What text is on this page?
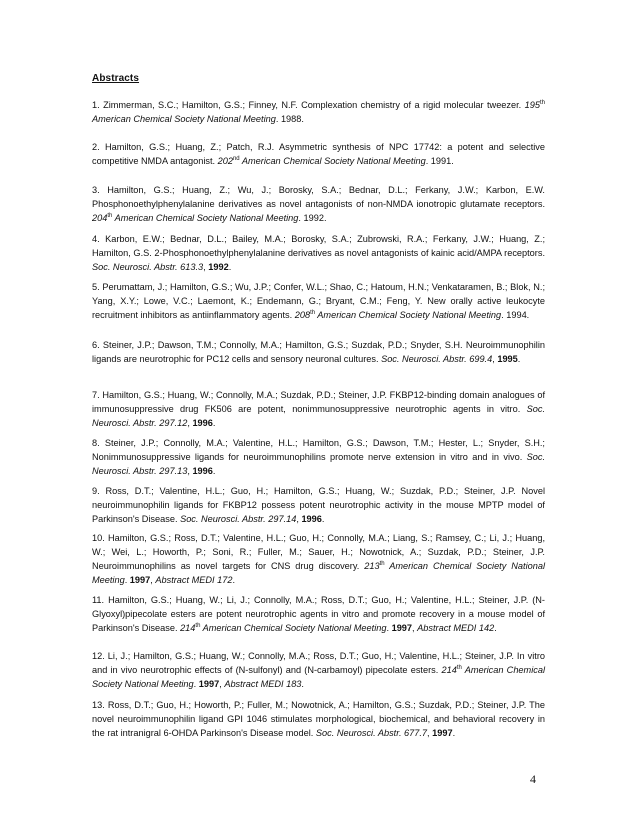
Abstracts
1. Zimmerman, S.C.; Hamilton, G.S.; Finney, N.F. Complexation chemistry of a rigid molecular tweezer. 195th American Chemical Society National Meeting. 1988.
2. Hamilton, G.S.; Huang, Z.; Patch, R.J. Asymmetric synthesis of NPC 17742: a potent and selective competitive NMDA antagonist. 202nd American Chemical Society National Meeting. 1991.
3. Hamilton, G.S.; Huang, Z.; Wu, J.; Borosky, S.A.; Bednar, D.L.; Ferkany, J.W.; Karbon, E.W. Phosphonoethylphenylalanine derivatives as novel antagonists of non-NMDA ionotropic glutamate receptors. 204th American Chemical Society National Meeting. 1992.
4. Karbon, E.W.; Bednar, D.L.; Bailey, M.A.; Borosky, S.A.; Zubrowski, R.A.; Ferkany, J.W.; Huang, Z.; Hamilton, G.S. 2-Phosphonoethylphenylalanine derivatives as novel antagonists of kainic acid/AMPA receptors. Soc. Neurosci. Abstr. 613.3, 1992.
5. Perumattam, J.; Hamilton, G.S.; Wu, J.P.; Confer, W.L.; Shao, C.; Hatoum, H.N.; Venkataramen, B.; Blok, N.; Yang, X.Y.; Lowe, V.C.; Laemont, K.; Endemann, G.; Bryant, C.M.; Feng, Y. New orally active leukocyte recruitment inhibitors as antiinflammatory agents. 208th American Chemical Society National Meeting. 1994.
6. Steiner, J.P.; Dawson, T.M.; Connolly, M.A.; Hamilton, G.S.; Suzdak, P.D.; Snyder, S.H. Neuroimmunophilin ligands are neurotrophic for PC12 cells and sensory neuronal cultures. Soc. Neurosci. Abstr. 699.4, 1995.
7. Hamilton, G.S.; Huang, W.; Connolly, M.A.; Suzdak, P.D.; Steiner, J.P. FKBP12-binding domain analogues of immunosuppressive drug FK506 are potent, nonimmunosuppressive neurotrophic agents in vitro. Soc. Neurosci. Abstr. 297.12, 1996.
8. Steiner, J.P.; Connolly, M.A.; Valentine, H.L.; Hamilton, G.S.; Dawson, T.M.; Hester, L.; Snyder, S.H.; Nonimmunosuppressive ligands for neuroimmunophilins promote nerve extension in vitro and in vivo. Soc. Neurosci. Abstr. 297.13, 1996.
9. Ross, D.T.; Valentine, H.L.; Guo, H.; Hamilton, G.S.; Huang, W.; Suzdak, P.D.; Steiner, J.P. Novel neuroimmunophilin ligands for FKBP12 possess potent neurotrophic activity in the mouse MPTP model of Parkinson's Disease. Soc. Neurosci. Abstr. 297.14, 1996.
10. Hamilton, G.S.; Ross, D.T.; Valentine, H.L.; Guo, H.; Connolly, M.A.; Liang, S.; Ramsey, C.; Li, J.; Huang, W.; Wei, L.; Howorth, P.; Soni, R.; Fuller, M.; Sauer, H.; Nowotnick, A.; Suzdak, P.D.; Steiner, J.P. Neuroimmunophilins as novel targets for CNS drug discovery. 213th American Chemical Society National Meeting. 1997, Abstract MEDI 172.
11. Hamilton, G.S.; Huang, W.; Li, J.; Connolly, M.A.; Ross, D.T.; Guo, H.; Valentine, H.L.; Steiner, J.P. (N-Glyoxyl)pipecolate esters are potent neurotrophic agents in vitro and promote recovery in a mouse model of Parkinson's Disease. 214th American Chemical Society National Meeting. 1997, Abstract MEDI 142.
12. Li, J.; Hamilton, G.S.; Huang, W.; Connolly, M.A.; Ross, D.T.; Guo, H.; Valentine, H.L.; Steiner, J.P. In vitro and in vivo neurotrophic effects of (N-sulfonyl) and (N-carbamoyl) pipecolate esters. 214th American Chemical Society National Meeting. 1997, Abstract MEDI 183.
13. Ross, D.T.; Guo, H.; Howorth, P.; Fuller, M.; Nowotnick, A.; Hamilton, G.S.; Suzdak, P.D.; Steiner, J.P. The novel neuroimmunophilin ligand GPI 1046 stimulates morphological, biochemical, and behavioral recovery in the rat intranigral 6-OHDA Parkinson's Disease model. Soc. Neurosci. Abstr. 677.7, 1997.
4
